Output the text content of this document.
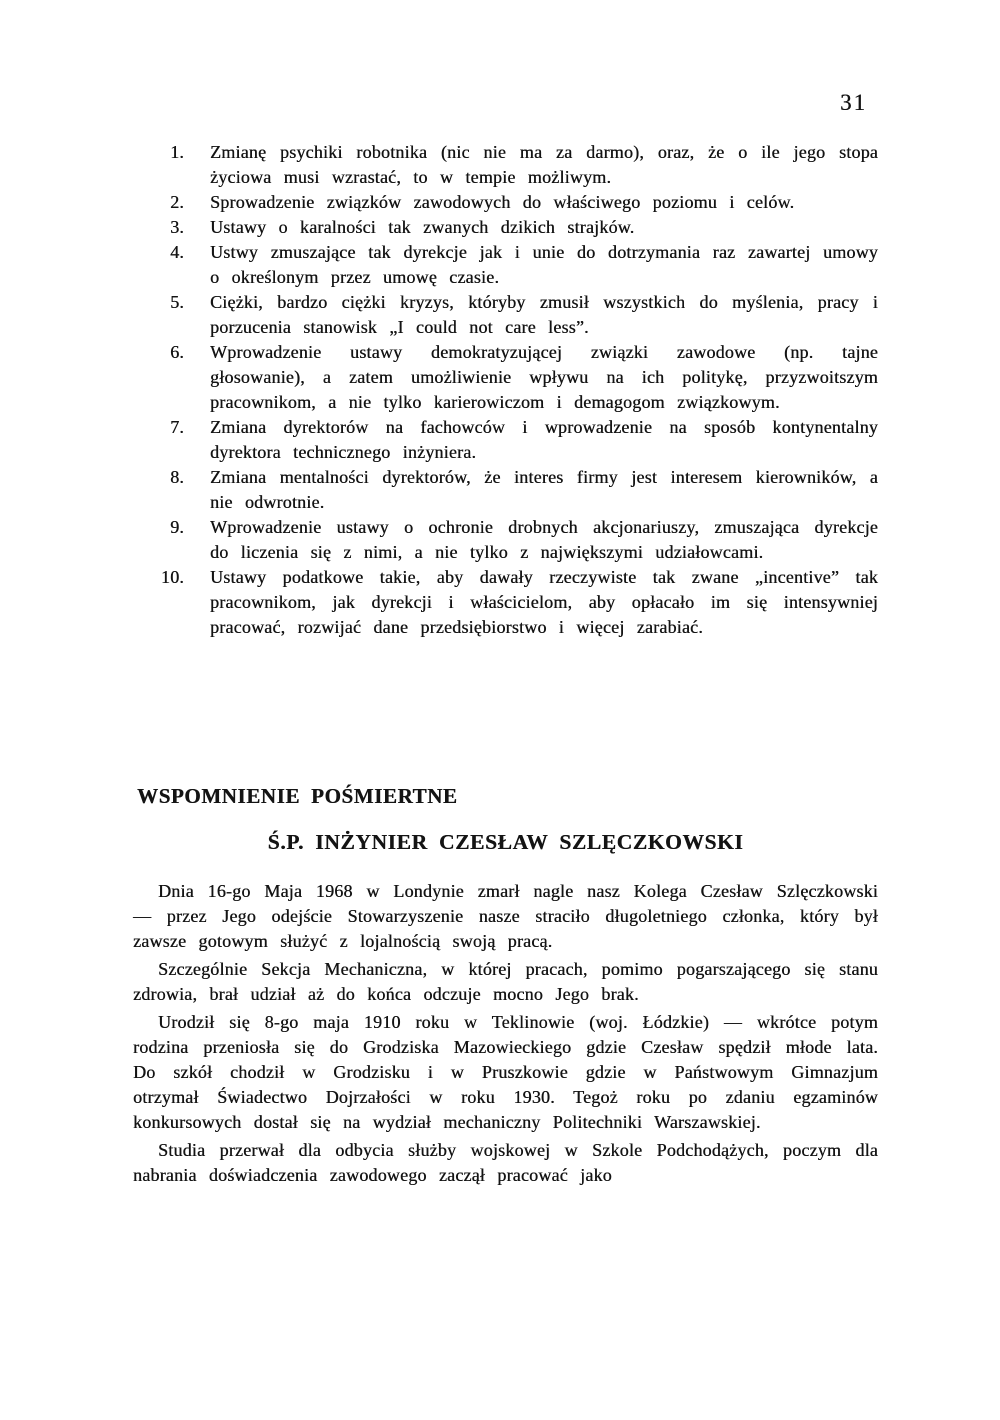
31
1. Zmianę psychiki robotnika (nic nie ma za darmo), oraz, że o ile jego stopa życiowa musi wzrastać, to w tempie możliwym.
2. Sprowadzenie związków zawodowych do właściwego poziomu i celów.
3. Ustawy o karalności tak zwanych dzikich strajków.
4. Ustwy zmuszające tak dyrekcje jak i unie do dotrzymania raz zawartej umowy o określonym przez umowę czasie.
5. Ciężki, bardzo ciężki kryzys, któryby zmusił wszystkich do myślenia, pracy i porzucenia stanowisk „I could not care less”.
6. Wprowadzenie ustawy demokratyzującej związki zawodowe (np. tajne głosowanie), a zatem umożliwienie wpływu na ich politykę, przyzwoitszym pracownikom, a nie tylko karierowiczom i demagogom związkowym.
7. Zmiana dyrektorów na fachowców i wprowadzenie na sposób kontynentalny dyrektora technicznego inżyniera.
8. Zmiana mentalności dyrektorów, że interes firmy jest interesem kierowników, a nie odwrotnie.
9. Wprowadzenie ustawy o ochronie drobnych akcjonariuszy, zmuszająca dyrekcje do liczenia się z nimi, a nie tylko z największymi udziałowcami.
10. Ustawy podatkowe takie, aby dawały rzeczywiste tak zwane „incentive” tak pracownikom, jak dyrekcji i właścicielom, aby opłacało im się intensywniej pracować, rozwijać dane przedsiębiorstwo i więcej zarabiać.
WSPOMNIENIE POŚMIERTNE
Ś.P. INŻYNIER CZESŁAW SZLĘCZKOWSKI

Dnia 16-go Maja 1968 w Londynie zmarł nagle nasz Kolega Czesław Szlęczkowski — przez Jego odejście Stowarzyszenie nasze straciło długoletniego członka, który był zawsze gotowym służyć z lojalnością swoją pracą.

Szczególnie Sekcja Mechaniczna, w której pracach, pomimo pogarszającego się stanu zdrowia, brał udział aż do końca odczuje mocno Jego brak.

Urodził się 8-go maja 1910 roku w Teklinowie (woj. Łódzkie) — wkrótce potym rodzina przeniosła się do Grodziska Mazowieckiego gdzie Czesław spędził młode lata. Do szkół chodził w Grodzisku i w Pruszkowie gdzie w Państwowym Gimnazjum otrzymał Świadectwo Dojrzałości w roku 1930. Tegoż roku po zdaniu egzaminów konkursowych dostał się na wydział mechaniczny Politechniki Warszawskiej.

Studia przerwał dla odbycia służby wojskowej w Szkole Podchodążych, poczym dla nabrania doświadczenia zawodowego zaczął pracować jako
